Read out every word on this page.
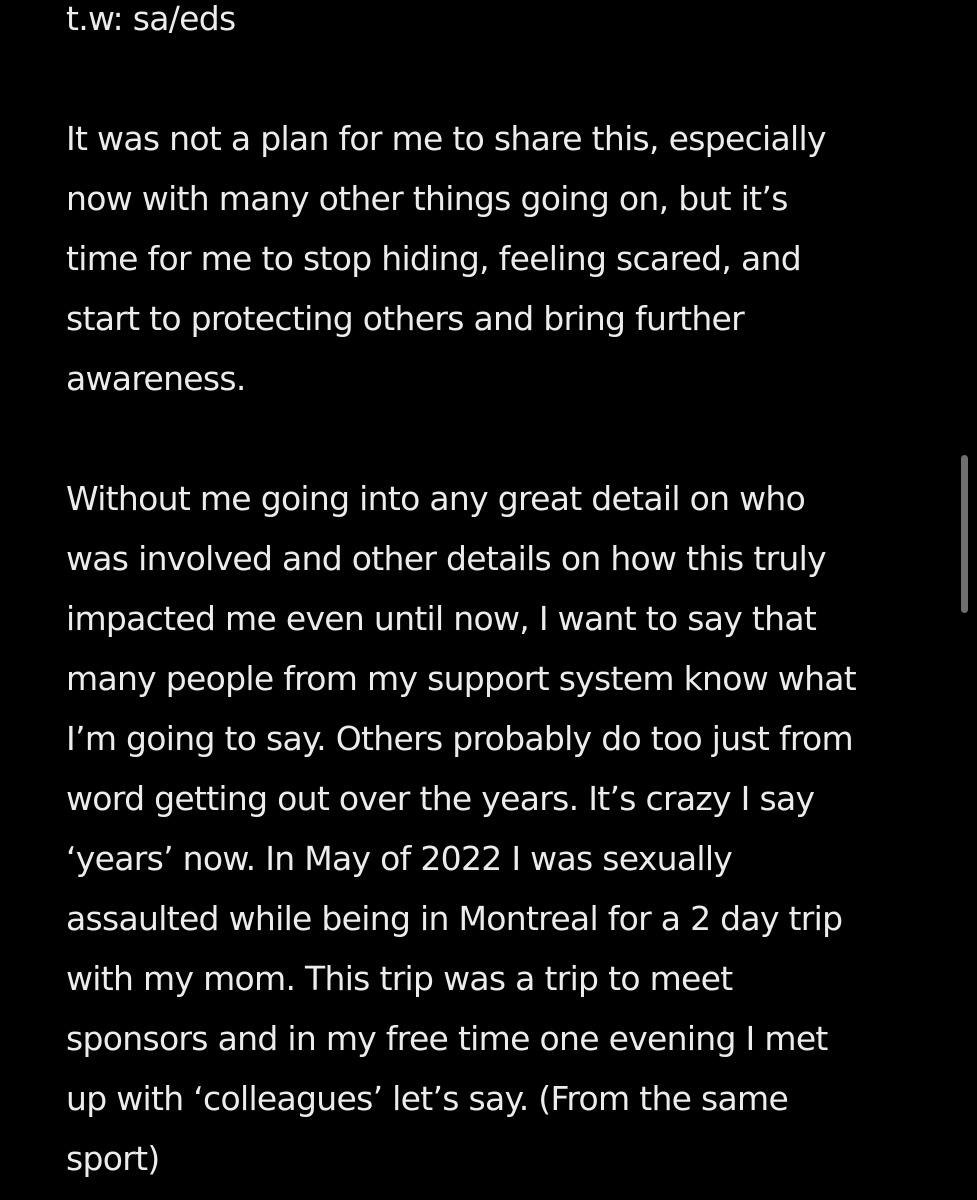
t.w: sa/eds
It was not a plan for me to share this, especially
now with many other things going on, but it’s
time for me to stop hiding, feeling scared, and
start to protecting others and bring further
awareness.
Without me going into any great detail on who
was involved and other details on how this truly
impacted me even until now, I want to say that
many people from my support system know what
I’m going to say. Others probably do too just from
word getting out over the years. It’s crazy I say
‘years’ now. In May of 2022 I was sexually
assaulted while being in Montreal for a 2 day trip
with my mom. This trip was a trip to meet
sponsors and in my free time one evening I met
up with ‘colleagues’ let’s say. (From the same
sport)
